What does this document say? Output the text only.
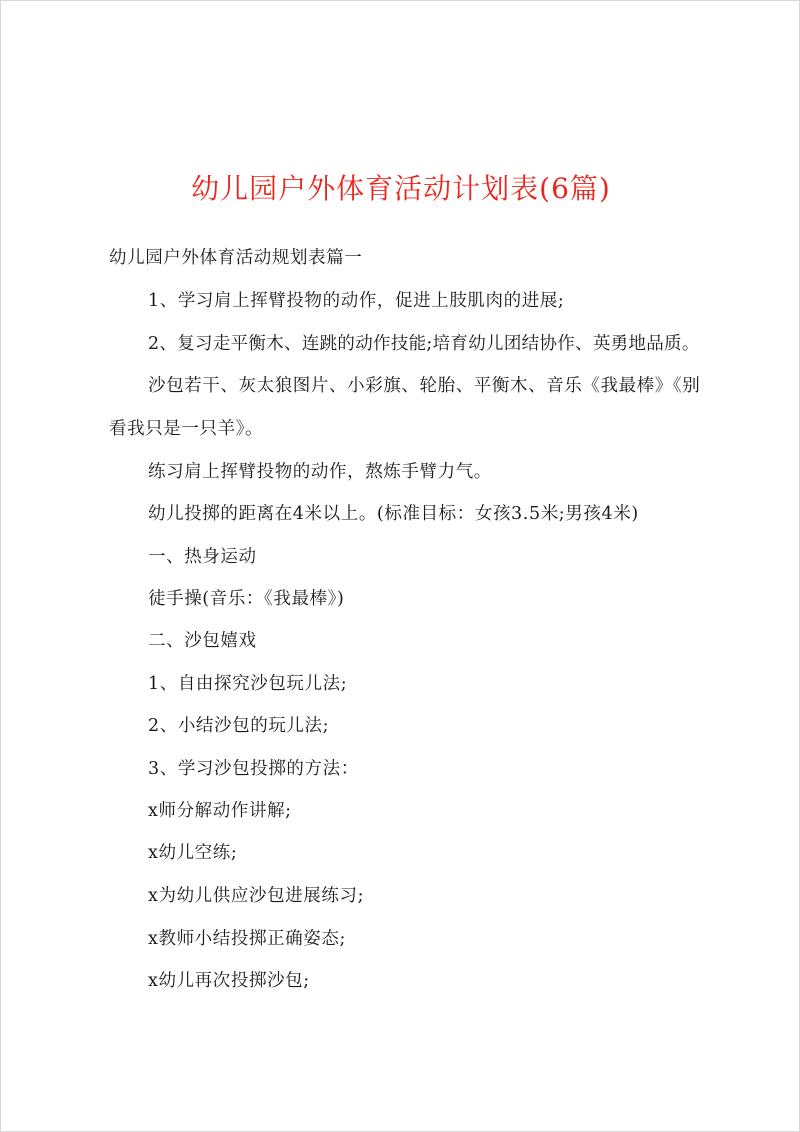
幼儿园户外体育活动计划表(6篇)
幼儿园户外体育活动规划表篇一
1、学习肩上挥臂投物的动作，促进上肢肌肉的进展;
2、复习走平衡木、连跳的动作技能;培育幼儿团结协作、英勇地品质。
沙包若干、灰太狼图片、小彩旗、轮胎、平衡木、音乐《我最棒》《别
看我只是一只羊》。
练习肩上挥臂投物的动作，熬炼手臂力气。
幼儿投掷的距离在4米以上。(标准目标：女孩3.5米;男孩4米)
一、热身运动
徒手操(音乐：《我最棒》)
二、沙包嬉戏
1、自由探究沙包玩儿法;
2、小结沙包的玩儿法;
3、学习沙包投掷的方法：
x师分解动作讲解;
x幼儿空练;
x为幼儿供应沙包进展练习;
x教师小结投掷正确姿态;
x幼儿再次投掷沙包;
